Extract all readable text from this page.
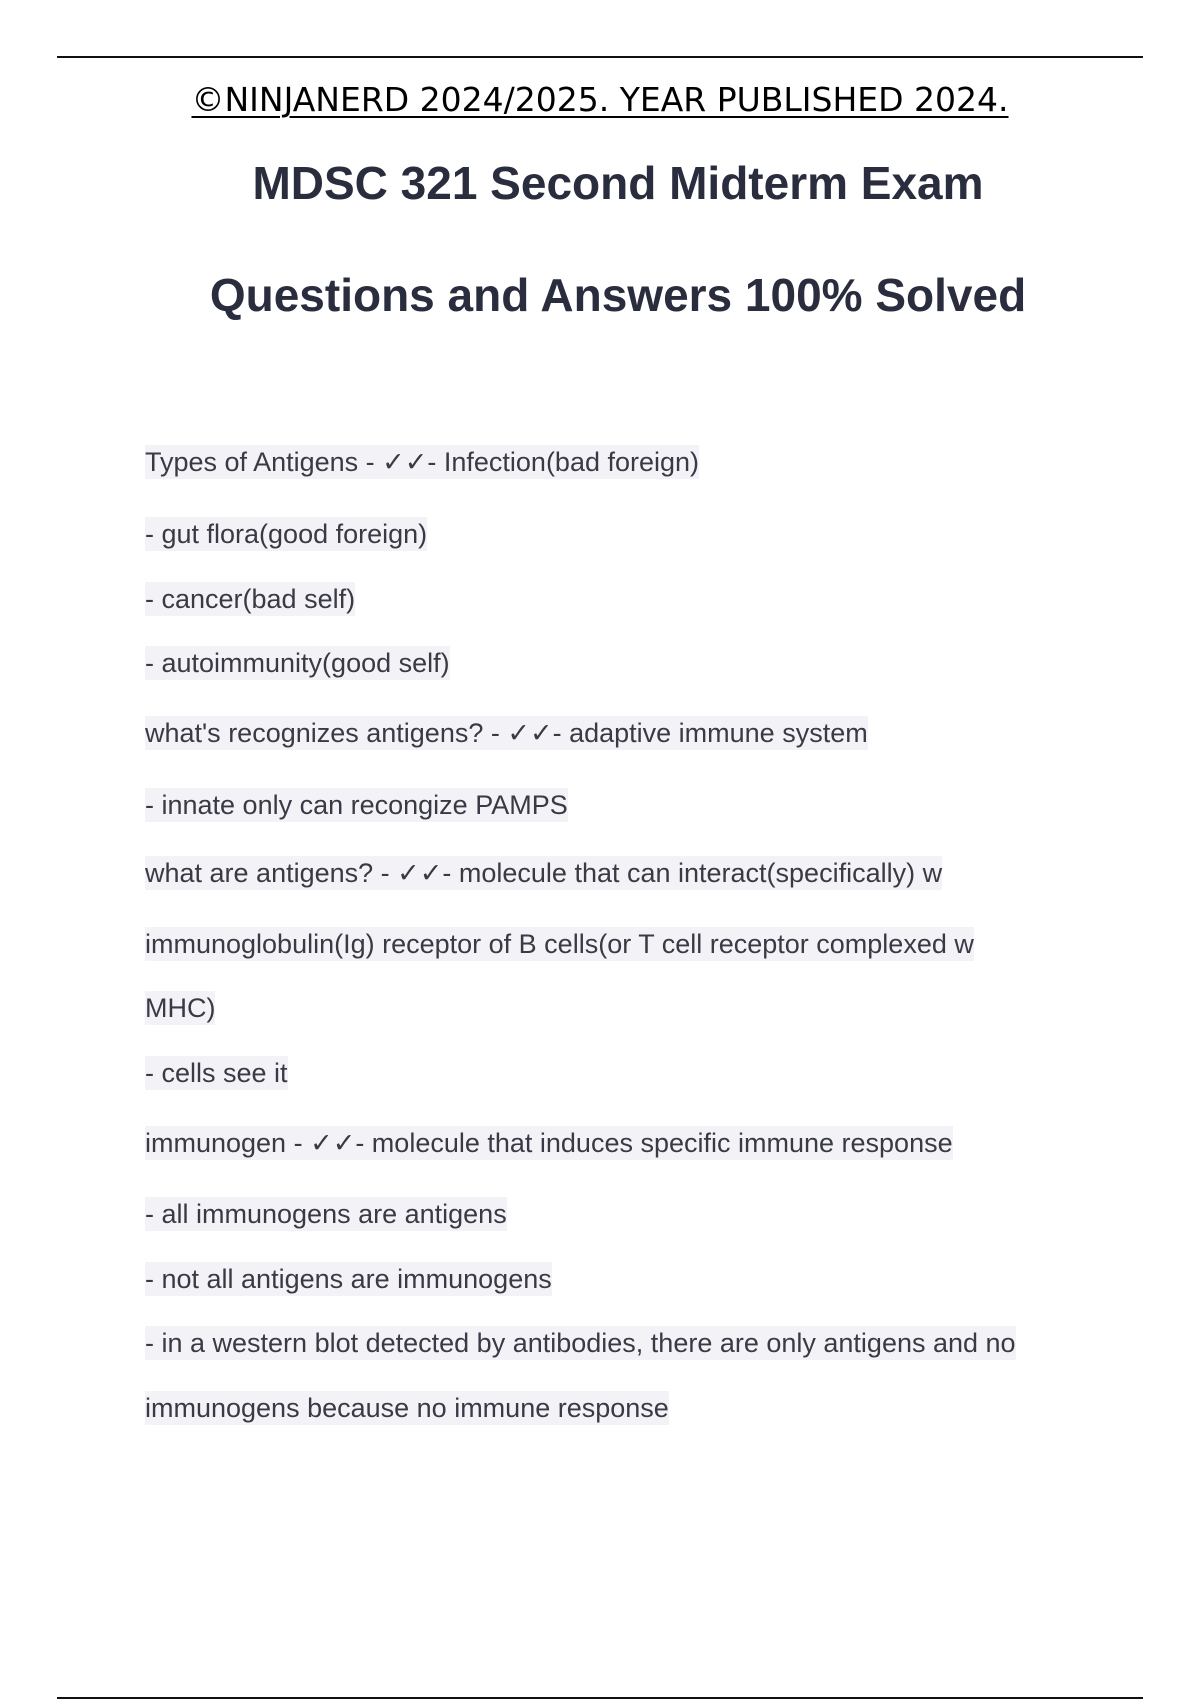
©NINJANERD 2024/2025. YEAR PUBLISHED 2024.
MDSC 321 Second Midterm Exam
Questions and Answers 100% Solved
Types of Antigens - ✓✓- Infection(bad foreign)
- gut flora(good foreign)
- cancer(bad self)
- autoimmunity(good self)
what's recognizes antigens? - ✓✓- adaptive immune system
- innate only can recongize PAMPS
what are antigens? - ✓✓- molecule that can interact(specifically) w
immunoglobulin(Ig) receptor of B cells(or T cell receptor complexed w
MHC)
- cells see it
immunogen - ✓✓- molecule that induces specific immune response
- all immunogens are antigens
- not all antigens are immunogens
- in a western blot detected by antibodies, there are only antigens and no
immunogens because no immune response
